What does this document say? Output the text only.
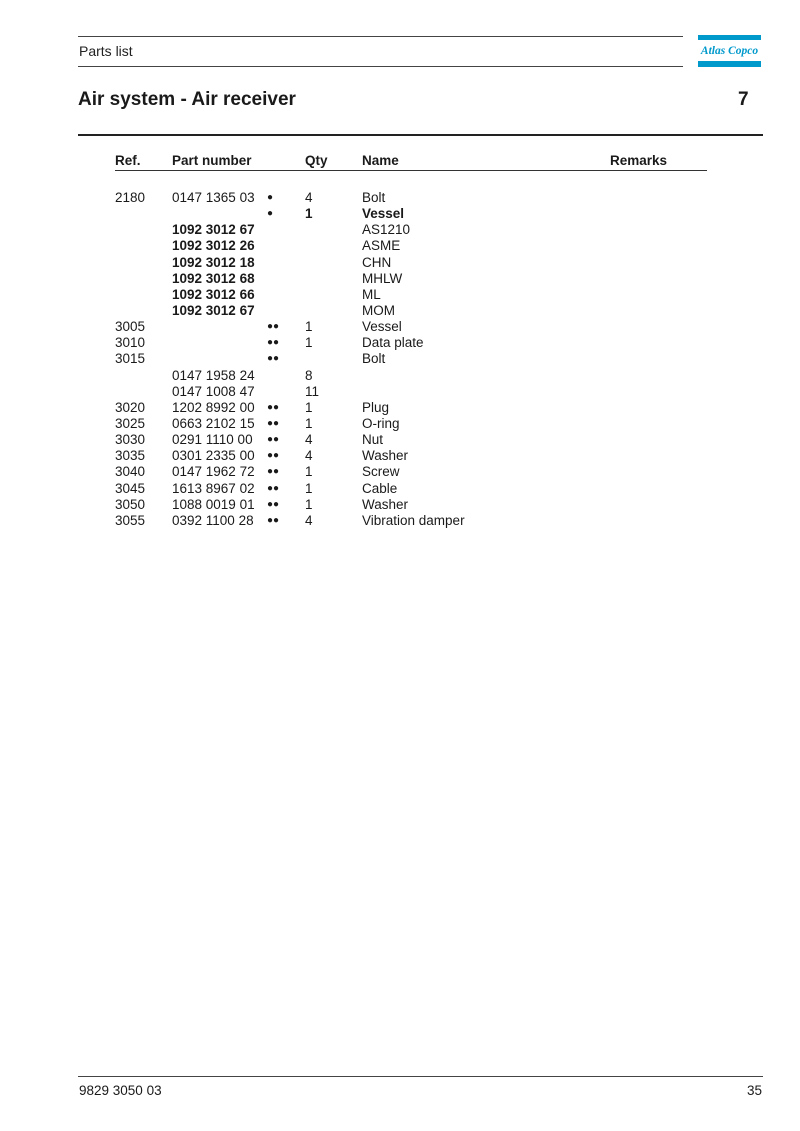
Parts list	Atlas Copco
Air system - Air receiver	7
Ref. Part number	Qty	Name	Remarks
2180 0147 1365 03 ● 4	Bolt
● 1	Vessel
1092 3012 67	AS1210
1092 3012 26	ASME
1092 3012 18	CHN
1092 3012 68	MHLW
1092 3012 66	ML
1092 3012 67	MOM
3005	●● 1	Vessel
3010	●● 1	Data plate
3015	●●	Bolt
0147 1958 24	8
0147 1008 47	11
3020 1202 8992 00 ●● 1	Plug
3025 0663 2102 15 ●● 1	O-ring
3030 0291 1110 00 ●● 4	Nut
3035 0301 2335 00 ●● 4	Washer
3040 0147 1962 72 ●● 1	Screw
3045 1613 8967 02 ●● 1	Cable
3050 1088 0019 01 ●● 1	Washer
3055 0392 1100 28 ●● 4	Vibration damper
9829 3050 03	35
